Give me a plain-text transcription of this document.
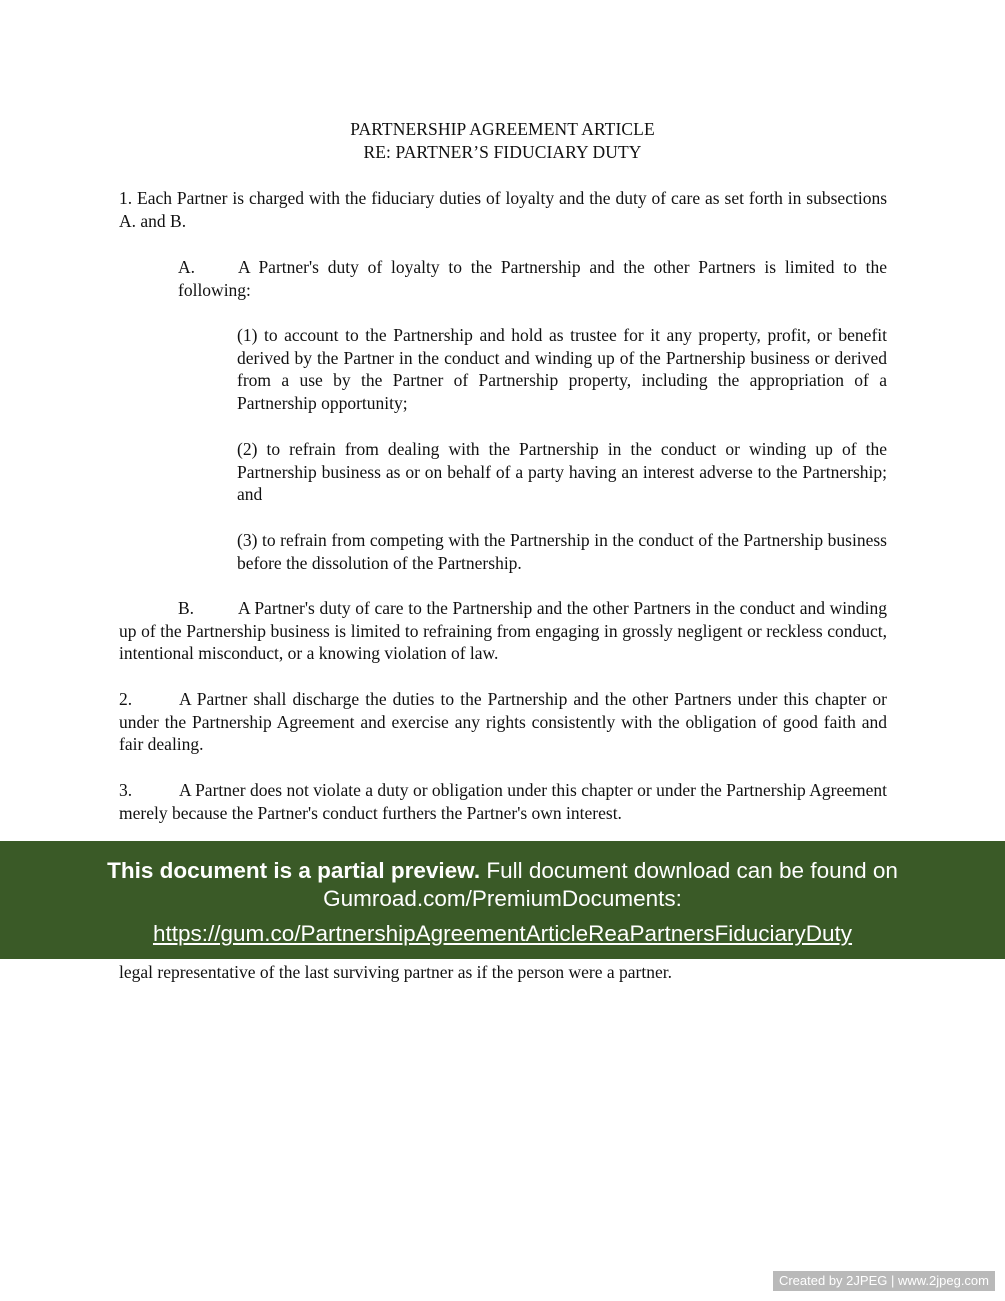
PARTNERSHIP AGREEMENT ARTICLE
RE: PARTNER’S FIDUCIARY DUTY

1. Each Partner is charged with the fiduciary duties of loyalty and the duty of care as set forth in subsections A. and B.

A. A Partner's duty of loyalty to the Partnership and the other Partners is limited to the following:

(1) to account to the Partnership and hold as trustee for it any property, profit, or benefit derived by the Partner in the conduct and winding up of the Partnership business or derived from a use by the Partner of Partnership property, including the appropriation of a Partnership opportunity;

(2) to refrain from dealing with the Partnership in the conduct or winding up of the Partnership business as or on behalf of a party having an interest adverse to the Partnership; and

(3) to refrain from competing with the Partnership in the conduct of the Partnership business before the dissolution of the Partnership.

B.	A Partner's duty of care to the Partnership and the other Partners in the conduct and winding up of the Partnership business is limited to refraining from engaging in grossly negligent or reckless conduct, intentional misconduct, or a knowing violation of law.

2.	A Partner shall discharge the duties to the Partnership and the other Partners under this chapter or under the Partnership Agreement and exercise any rights consistently with the obligation of good faith and fair dealing.

3.	A Partner does not violate a duty or obligation under this chapter or under the Partnership Agreement merely because the Partner's conduct furthers the Partner's own interest.

legal representative of the last surviving partner as if the person were a partner.

This document is a partial preview. Full document download can be found on Gumroad.com/PremiumDocuments:
https://gum.co/PartnershipAgreementArticleReaPartnersFiduciaryDuty
Created by 2JPEG | www.2jpeg.com
